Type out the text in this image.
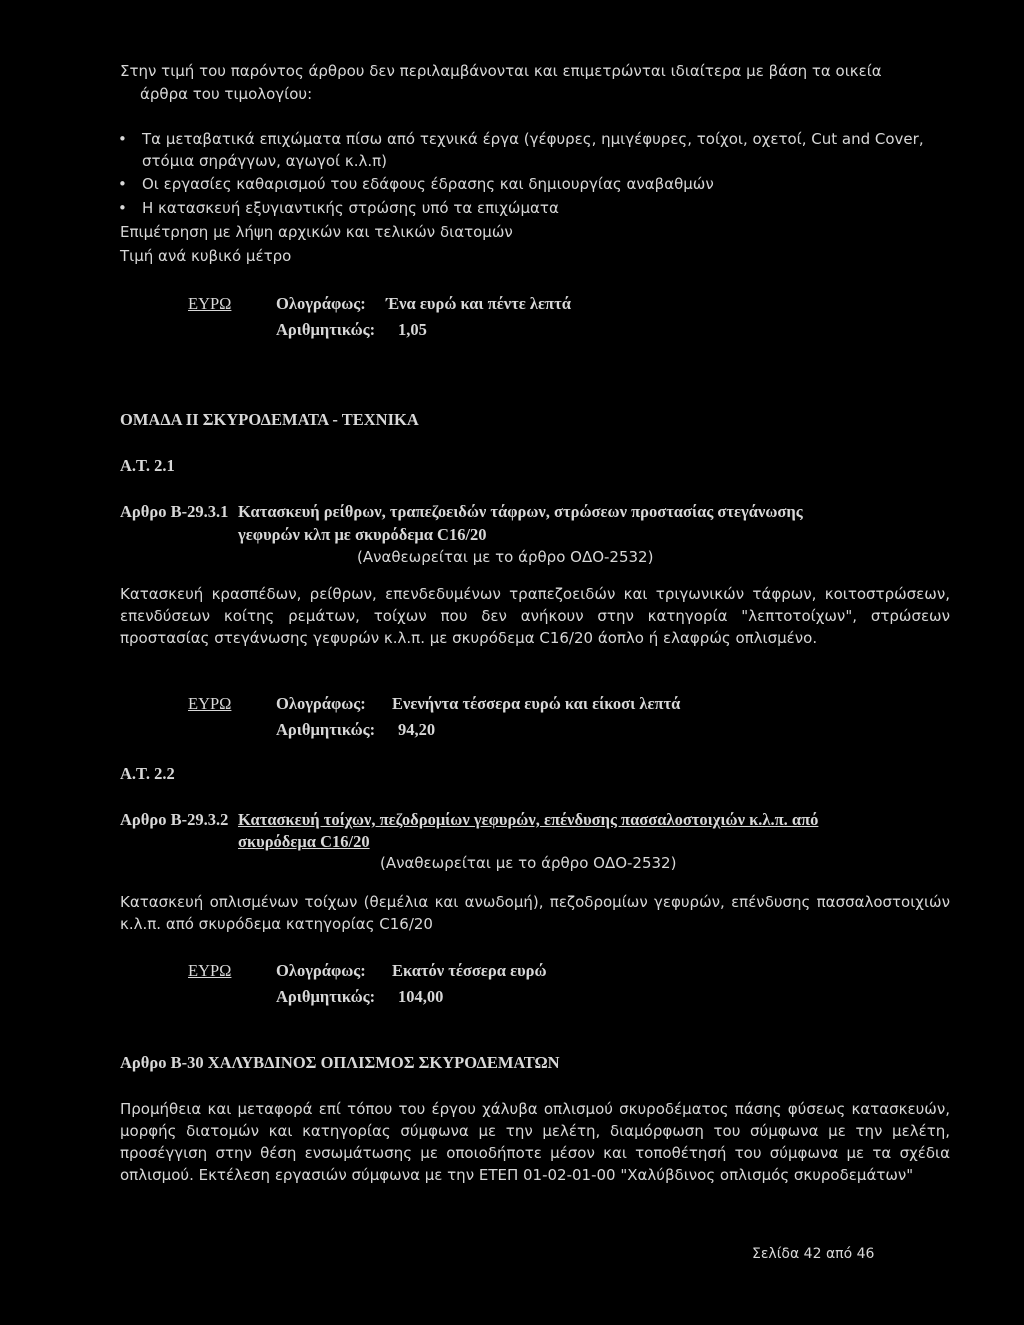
Στην τιμή του παρόντος άρθρου δεν περιλαμβάνονται και επιμετρώνται ιδιαίτερα με βάση τα οικεία
άρθρα του τιμολογίου:
• Τα μεταβατικά επιχώματα πίσω από τεχνικά έργα (γέφυρες, ημιγέφυρες, τοίχοι, οχετοί, Cut and Cover, στόμια σηράγγων, αγωγοί κ.λ.π)
• Οι εργασίες καθαρισμού του εδάφους έδρασης και δημιουργίας αναβαθμών
• Η κατασκευή εξυγιαντικής στρώσης υπό τα επιχώματα
Επιμέτρηση με λήψη αρχικών και τελικών διατομών
Τιμή ανά κυβικό μέτρο
ΕΥΡΩ	Ολογράφως: Ένα ευρώ και πέντε λεπτά
Αριθμητικώς: 1,05
ΟΜΑΔΑ ΙΙ ΣΚΥΡΟΔΕΜΑΤΑ - ΤΕΧΝΙΚΑ
Α.Τ. 2.1
Αρθρο Β-29.3.1 Κατασκευή ρείθρων, τραπεζοειδών τάφρων, στρώσεων προστασίας στεγάνωσης
γεφυρών κλπ με σκυρόδεμα C16/20
(Αναθεωρείται με το άρθρο ΟΔΟ-2532)
Κατασκευή κρασπέδων, ρείθρων, επενδεδυμένων τραπεζοειδών και τριγωνικών τάφρων, κοιτοστρώσεων, επενδύσεων κοίτης ρεμάτων, τοίχων που δεν ανήκουν στην κατηγορία "λεπτοτοίχων", στρώσεων προστασίας στεγάνωσης γεφυρών κ.λ.π. με σκυρόδεμα C16/20 άοπλο ή ελαφρώς οπλισμένο.
ΕΥΡΩ	Ολογράφως: Ενενήντα τέσσερα ευρώ και είκοσι λεπτά
Αριθμητικώς: 94,20
Α.Τ. 2.2
Αρθρο Β-29.3.2 Κατασκευή τοίχων, πεζοδρομίων γεφυρών, επένδυσης πασσαλοστοιχιών κ.λ.π. από
σκυρόδεμα C16/20
(Αναθεωρείται με το άρθρο ΟΔΟ-2532)
Κατασκευή οπλισμένων τοίχων (θεμέλια και ανωδομή), πεζοδρομίων γεφυρών, επένδυσης πασσαλοστοιχιών κ.λ.π. από σκυρόδεμα κατηγορίας C16/20
ΕΥΡΩ	Ολογράφως: Εκατόν τέσσερα ευρώ
Αριθμητικώς: 104,00
Αρθρο Β-30 ΧΑΛΥΒΔΙΝΟΣ ΟΠΛΙΣΜΟΣ ΣΚΥΡΟΔΕΜΑΤΩΝ
Προμήθεια και μεταφορά επί τόπου του έργου χάλυβα οπλισμού σκυροδέματος πάσης φύσεως κατασκευών, μορφής διατομών και κατηγορίας σύμφωνα με την μελέτη, διαμόρφωση του σύμφωνα με την μελέτη, προσέγγιση στην θέση ενσωμάτωσης με οποιοδήποτε μέσον και τοποθέτησή του σύμφωνα με τα σχέδια οπλισμού. Εκτέλεση εργασιών σύμφωνα με την ΕΤΕΠ 01-02-01-00 "Χαλύβδινος οπλισμός σκυροδεμάτων"
Σελίδα 42 από 46
